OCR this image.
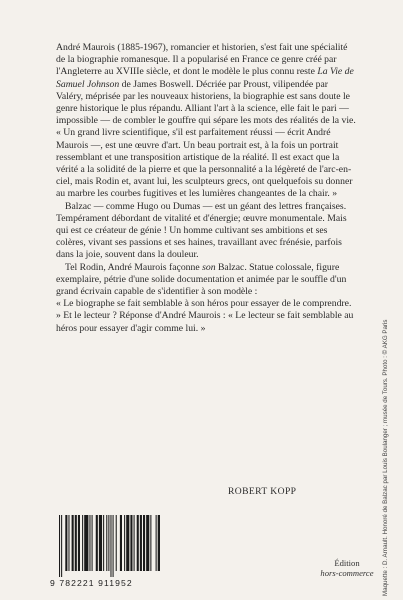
André Maurois (1885-1967), romancier et historien, s'est fait une spécialité de la biographie romanesque. Il a popularisé en France ce genre créé par l'Angleterre au XVIIIe siècle, et dont le modèle le plus connu reste La Vie de Samuel Johnson de James Boswell. Décriée par Proust, vilipendée par Valéry, méprisée par les nouveaux historiens, la biographie est sans doute le genre historique le plus répandu. Alliant l'art à la science, elle fait le pari — impossible — de combler le gouffre qui sépare les mots des réalités de la vie. « Un grand livre scientifique, s'il est parfaitement réussi — écrit André Maurois —, est une œuvre d'art. Un beau portrait est, à la fois un portrait ressemblant et une transposition artistique de la réalité. Il est exact que la vérité a la solidité de la pierre et que la personnalité a la légèreté de l'arc-en-ciel, mais Rodin et, avant lui, les sculpteurs grecs, ont quelquefois su donner au marbre les courbes fugitives et les lumières changeantes de la chair. »

Balzac — comme Hugo ou Dumas — est un géant des lettres françaises. Tempérament débordant de vitalité et d'énergie; œuvre monumentale. Mais qui est ce créateur de génie ! Un homme cultivant ses ambitions et ses colères, vivant ses passions et ses haines, travaillant avec frénésie, parfois dans la joie, souvent dans la douleur.

Tel Rodin, André Maurois façonne son Balzac. Statue colossale, figure exemplaire, pétrie d'une solide documentation et animée par le souffle d'un grand écrivain capable de s'identifier à son modèle :

« Le biographe se fait semblable à son héros pour essayer de le comprendre. » Et le lecteur ? Réponse d'André Maurois : « Le lecteur se fait semblable au héros pour essayer d'agir comme lui. »

ROBERT KOPP	Maquette : D. Arnault. Honoré de Balzac par Louis Boulanger ; musée de Tours. Photo : © AKG Paris
9 782221 911952
Édition
hors-commerce
